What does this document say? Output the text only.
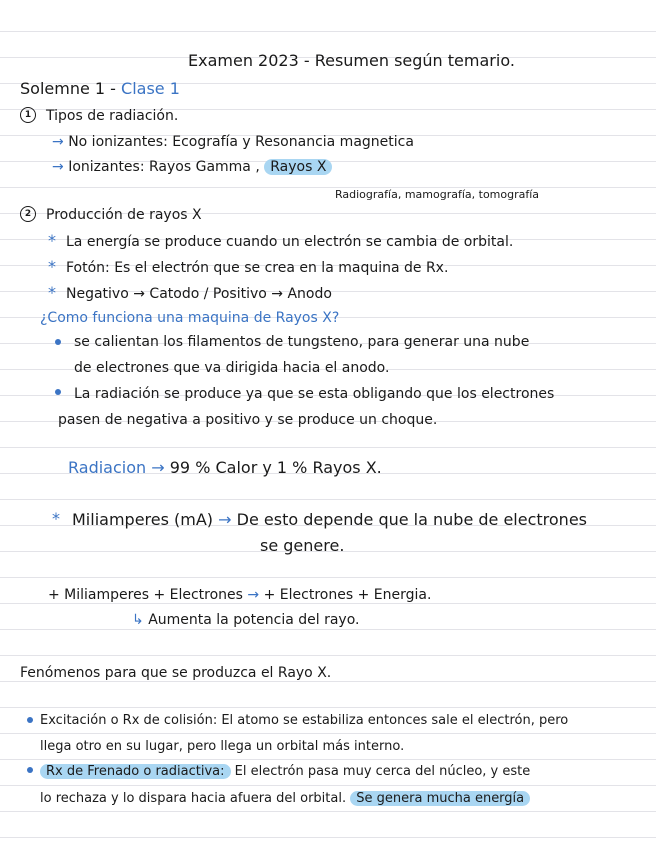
Examen 2023 - Resumen según temario.
Solemne 1 - Clase 1
1	Tipos de radiación.
→ No ionizantes: Ecografía y Resonancia magnetica
→ Ionizantes: Rayos Gamma , Rayos X
Radiografía, mamografía, tomografía
2	Producción de rayos X
* La energía se produce cuando un electrón se cambia de orbital.
* Fotón: Es el electrón que se crea en la maquina de Rx.
* Negativo → Catodo / Positivo → Anodo
¿Como funciona una maquina de Rayos X?
se calientan los filamentos de tungsteno, para generar una nube
de electrones que va dirigida hacia el anodo.
La radiación se produce ya que se esta obligando que los electrones
pasen de negativa a positivo y se produce un choque.
Radiacion → 99 % Calor y 1 % Rayos X.
* Miliamperes (mA) → De esto depende que la nube de electrones
se genere.
+ Miliamperes + Electrones → + Electrones + Energia.
↳ Aumenta la potencia del rayo.
Fenómenos para que se produzca el Rayo X.
Excitación o Rx de colisión: El atomo se estabiliza entonces sale el electrón, pero
llega otro en su lugar, pero llega un orbital más interno.
Rx de Frenado o radiactiva: El electrón pasa muy cerca del núcleo, y este
lo rechaza y lo dispara hacia afuera del orbital. Se genera mucha energía
